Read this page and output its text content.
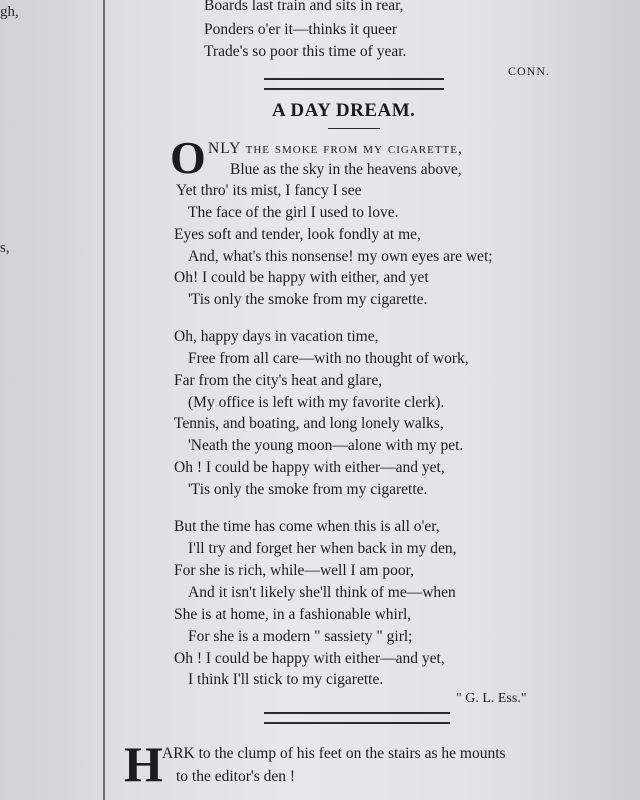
gh,
s,
Boards last train and sits in rear,
Ponders o'er it—thinks it queer
Trade's so poor this time of year.
CONN.
A DAY DREAM.
O NLY the smoke from my cigarette,
Blue as the sky in the heavens above,
Yet thro' its mist, I fancy I see
The face of the girl I used to love.
Eyes soft and tender, look fondly at me,
And, what's this nonsense! my own eyes are wet;
Oh! I could be happy with either, and yet
'Tis only the smoke from my cigarette.
Oh, happy days in vacation time,
Free from all care—with no thought of work,
Far from the city's heat and glare,
(My office is left with my favorite clerk).
Tennis, and boating, and long lonely walks,
'Neath the young moon—alone with my pet.
Oh ! I could be happy with either—and yet,
'Tis only the smoke from my cigarette.
But the time has come when this is all o'er,
I'll try and forget her when back in my den,
For she is rich, while—well I am poor,
And it isn't likely she'll think of me—when
She is at home, in a fashionable whirl,
For she is a modern " sassiety " girl;
Oh ! I could be happy with either—and yet,
I think I'll stick to my cigarette.
" G. L. Ess."
H ARK to the clump of his feet on the stairs as he mounts
to the editor's den !
